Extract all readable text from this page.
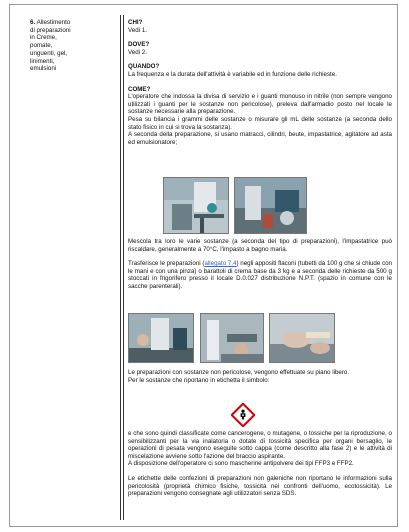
6. Allestimento
di preparazioni
in Creme,
pomate,
unguenti, gel,
linimenti,
emulsioni

CHI?

Vedi 1.

DOVE?

Vedi 2.

QUANDO?

La frequenza e la durata dell'attività è variabile ed in funzione delle richieste.

COME?

L'operatore che indossa la divisa di servizio e i guanti monouso in nitrile (non sempre vengono utilizzati i guanti per le sostanze non pericolose), preleva dall'armadio posto nel locale le sostanze necessarie alla preparazione.

Pesa su bilancia i grammi delle sostanze o misurare gli mL delle sostanze (a seconda dello stato fisico in cui si trova la sostanza).

A seconda della preparazione, si usano matracci, cilindri, beute, impastatrice, agitatore ad asta ed emulsionatore;

Mescola tra loro le varie sostanze (a seconda del tipo di preparazioni), l'impastatrice può riscaldare, generalmente a 70°C, l'impasto a bagno maria.

Trasferisce le preparazioni (allegato 7.4) negli appositi flaconi (tubetti da 100 g che si chiude con le mani e con una pinza) o barattoli di crema base da 3 kg e a seconda delle richieste da 500 g stoccati in frigorifero presso il locale D.0.027 distribuzione N.P.T. (spazio in comune con le sacche parenterali).

Le preparazioni con sostanze non pericolose, vengono effettuate su piano libero.

Per le sostanze che riportano in etichetta il simbolo:

e che sono quindi classificate come cancerogene, o mutagene, o tossiche per la riproduzione, o sensibilizzanti per la via inalatoria o dotate di tossicità specifica per organi bersaglio, le operazioni di pesata vengono eseguite sotto cappa (come descritto alla fase 2) e le attività di miscelazione avviene sotto l'azione del braccio aspirante.

A disposizione dell'operatore ci sono mascherine antipolvere dei tipi FFP3 e FFP2.

Le etichette delle confezioni di preparazioni non galeniche non riportano le informazioni sulla pericolosità (proprietà chimico fisiche, tossicità nei confronti dell'uomo, ecotossicità). Le preparazioni vengono consegnate agli utilizzatori senza SDS.
